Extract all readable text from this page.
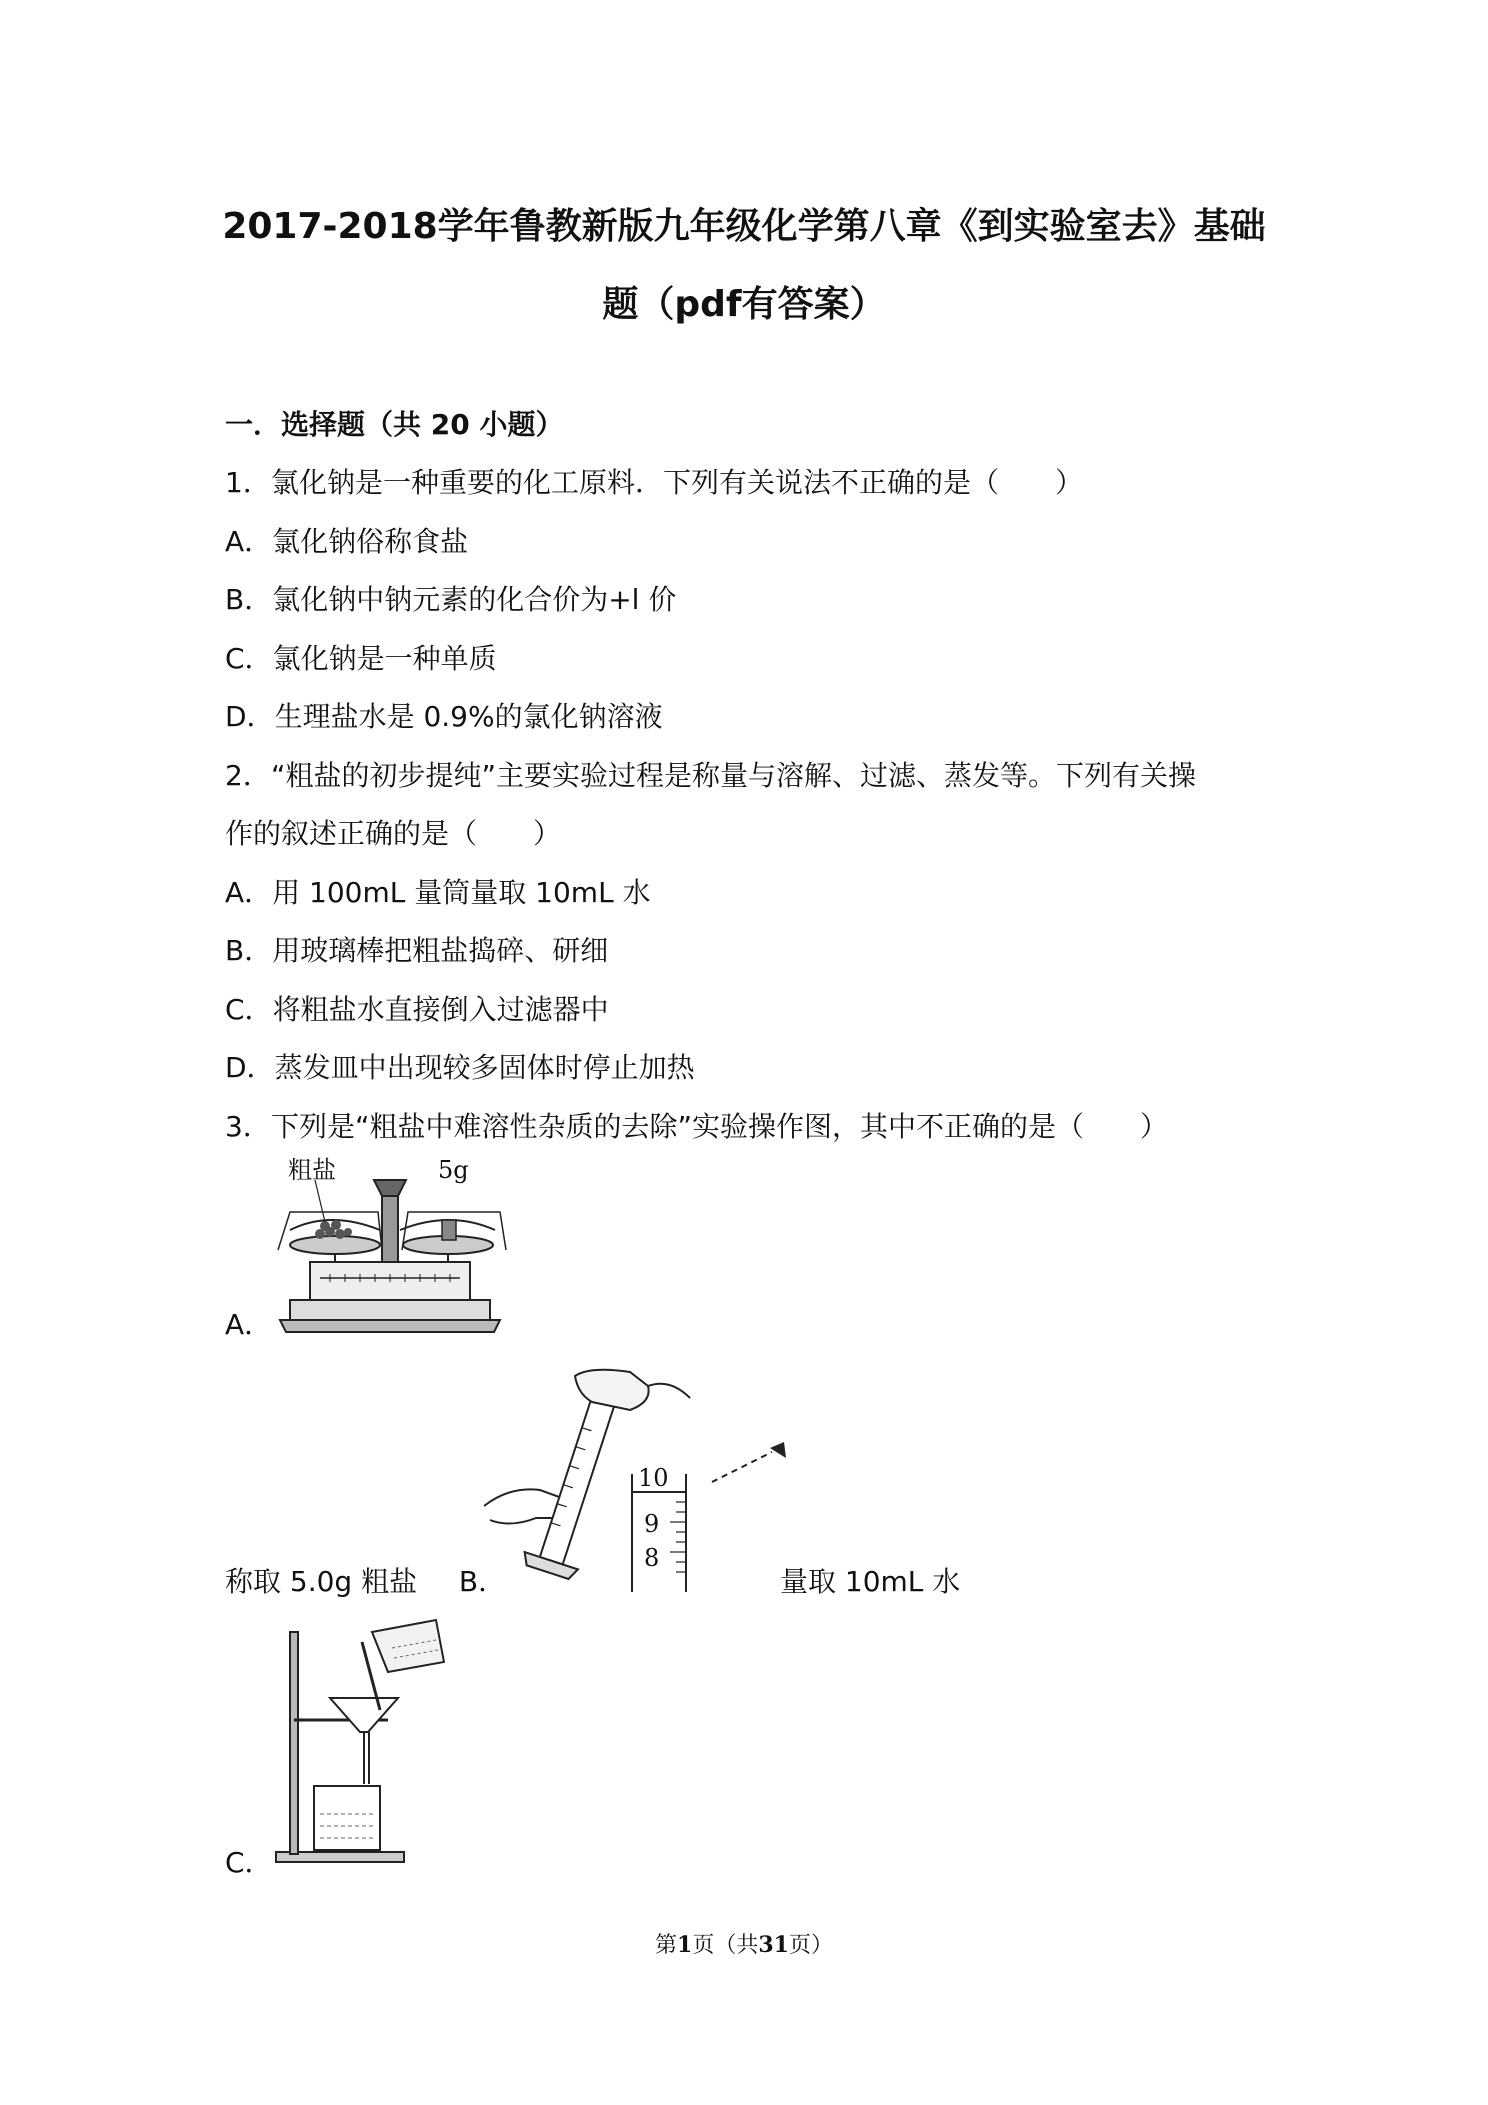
2017-2018学年鲁教新版九年级化学第八章《到实验室去》基础
题（pdf有答案）
一．选择题（共 20 小题）
1．氯化钠是一种重要的化工原料．下列有关说法不正确的是（　　）
A．氯化钠俗称食盐
B．氯化钠中钠元素的化合价为+l 价
C．氯化钠是一种单质
D．生理盐水是 0.9%的氯化钠溶液
2．“粗盐的初步提纯”主要实验过程是称量与溶解、过滤、蒸发等。下列有关操
作的叙述正确的是（　　）
A．用 100mL 量筒量取 10mL 水
B．用玻璃棒把粗盐捣碎、研细
C．将粗盐水直接倒入过滤器中
D．蒸发皿中出现较多固体时停止加热
3．下列是“粗盐中难溶性杂质的去除”实验操作图，其中不正确的是（　　）
粗盐	5g
A．
称取 5.0g 粗盐 B．
10
9
8
量取 10mL 水
C．
第1页（共31页）
